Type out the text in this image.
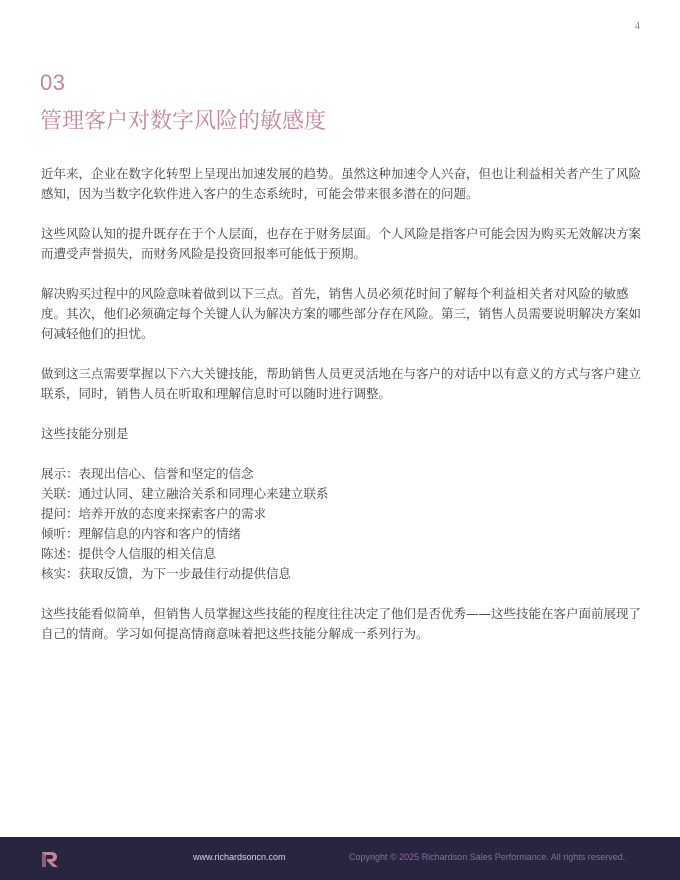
4
03
管理客户对数字风险的敏感度

近年来，企业在数字化转型上呈现出加速发展的趋势。虽然这种加速令人兴奋，但也让利益相关者产生了风险感知，因为当数字化软件进入客户的生态系统时，可能会带来很多潜在的问题。

这些风险认知的提升既存在于个人层面，也存在于财务层面。个人风险是指客户可能会因为购买无效解决方案而遭受声誉损失，而财务风险是投资回报率可能低于预期。

解决购买过程中的风险意味着做到以下三点。首先，销售人员必须花时间了解每个利益相关者对风险的敏感度。其次，他们必须确定每个关键人认为解决方案的哪些部分存在风险。第三，销售人员需要说明解决方案如何减轻他们的担忧。

做到这三点需要掌握以下六大关键技能，帮助销售人员更灵活地在与客户的对话中以有意义的方式与客户建立联系，同时，销售人员在听取和理解信息时可以随时进行调整。

这些技能分别是

展示：表现出信心、信誉和坚定的信念
关联：通过认同、建立融洽关系和同理心来建立联系
提问：培养开放的态度来探索客户的需求
倾听：理解信息的内容和客户的情绪
陈述：提供令人信服的相关信息
核实：获取反馈，为下一步最佳行动提供信息

这些技能看似简单，但销售人员掌握这些技能的程度往往决定了他们是否优秀——这些技能在客户面前展现了自己的情商。学习如何提高情商意味着把这些技能分解成一系列行为。

www.richardsoncn.com	Copyright © 2025 Richardson Sales Performance. All rights reserved.
